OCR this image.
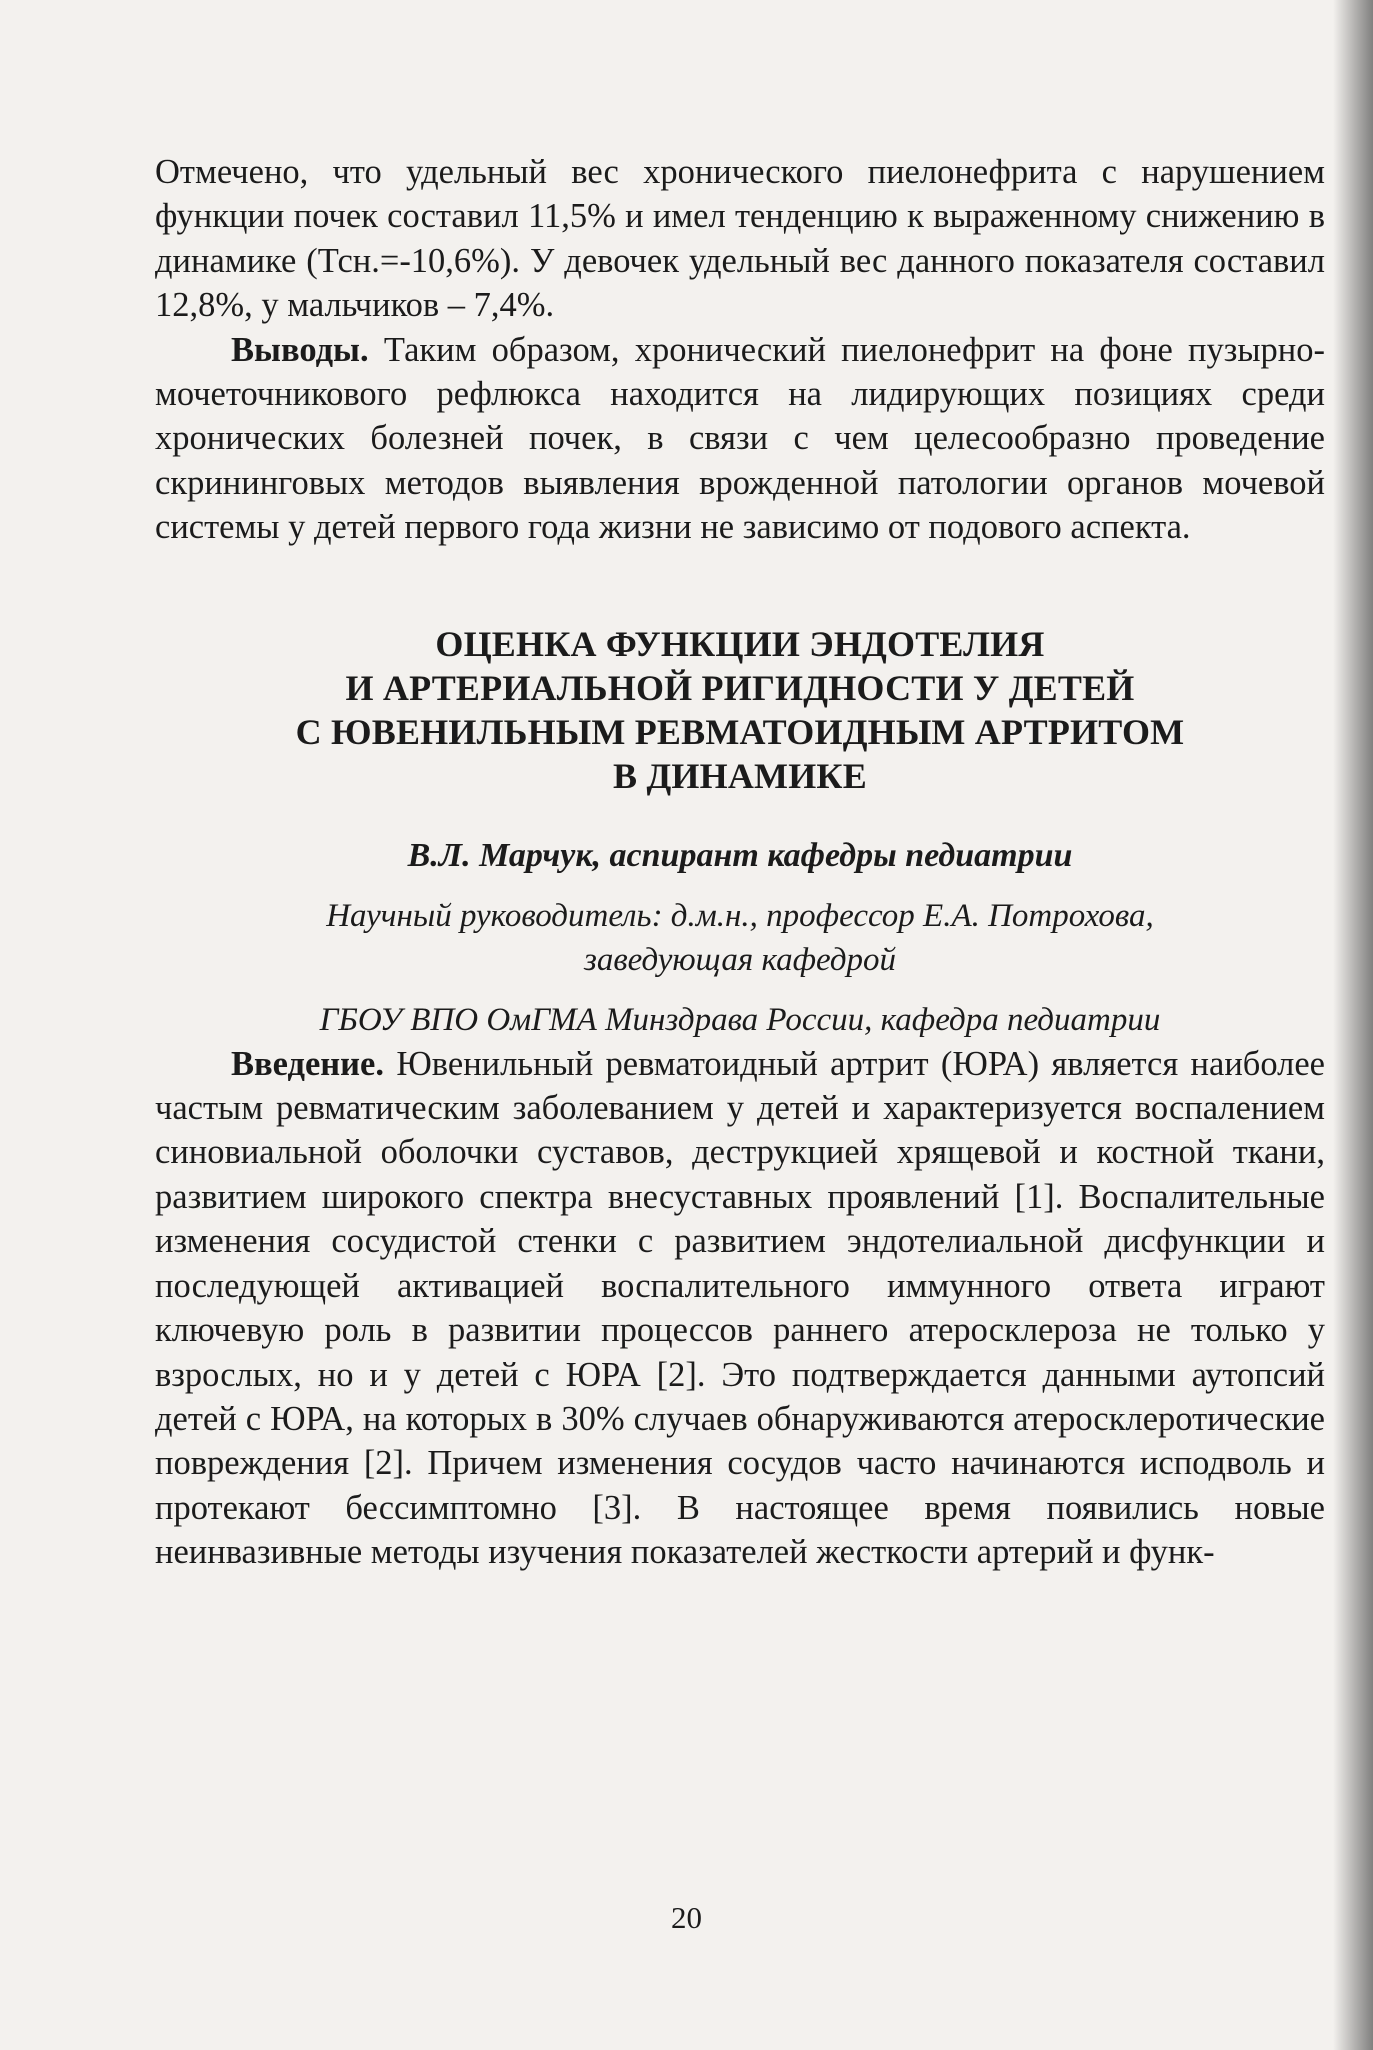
Отмечено, что удельный вес хронического пиелонефрита с нарушением функции почек составил 11,5% и имел тенденцию к выраженному снижению в динамике (Тсн.=-10,6%). У девочек удельный вес данного показателя составил 12,8%, у мальчиков – 7,4%.

Выводы. Таким образом, хронический пиелонефрит на фоне пузырно-мочеточникового рефлюкса находится на лидирующих позициях среди хронических болезней почек, в связи с чем целесообразно проведение скрининговых методов выявления врожденной патологии органов мочевой системы у детей первого года жизни не зависимо от подового аспекта.

ОЦЕНКА ФУНКЦИИ ЭНДОТЕЛИЯ
И АРТЕРИАЛЬНОЙ РИГИДНОСТИ У ДЕТЕЙ
С ЮВЕНИЛЬНЫМ РЕВМАТОИДНЫМ АРТРИТОМ
В ДИНАМИКЕ
В.Л. Марчук, аспирант кафедры педиатрии
Научный руководитель: д.м.н., профессор Е.А. Потрохова,
заведующая кафедрой
ГБОУ ВПО ОмГМА Минздрава России, кафедра педиатрии

Введение. Ювенильный ревматоидный артрит (ЮРА) является наиболее частым ревматическим заболеванием у детей и характеризуется воспалением синовиальной оболочки суставов, деструкцией хрящевой и костной ткани, развитием широкого спектра внесуставных проявлений [1]. Воспалительные изменения сосудистой стенки с развитием эндотелиальной дисфункции и последующей активацией воспалительного иммунного ответа играют ключевую роль в развитии процессов раннего атеросклероза не только у взрослых, но и у детей с ЮРА [2]. Это подтверждается данными аутопсий детей с ЮРА, на которых в 30% случаев обнаруживаются атеросклеротические повреждения [2]. Причем изменения сосудов часто начинаются исподволь и протекают бессимптомно [3]. В настоящее время появились новые неинвазивные методы изучения показателей жесткости артерий и функ-

20
